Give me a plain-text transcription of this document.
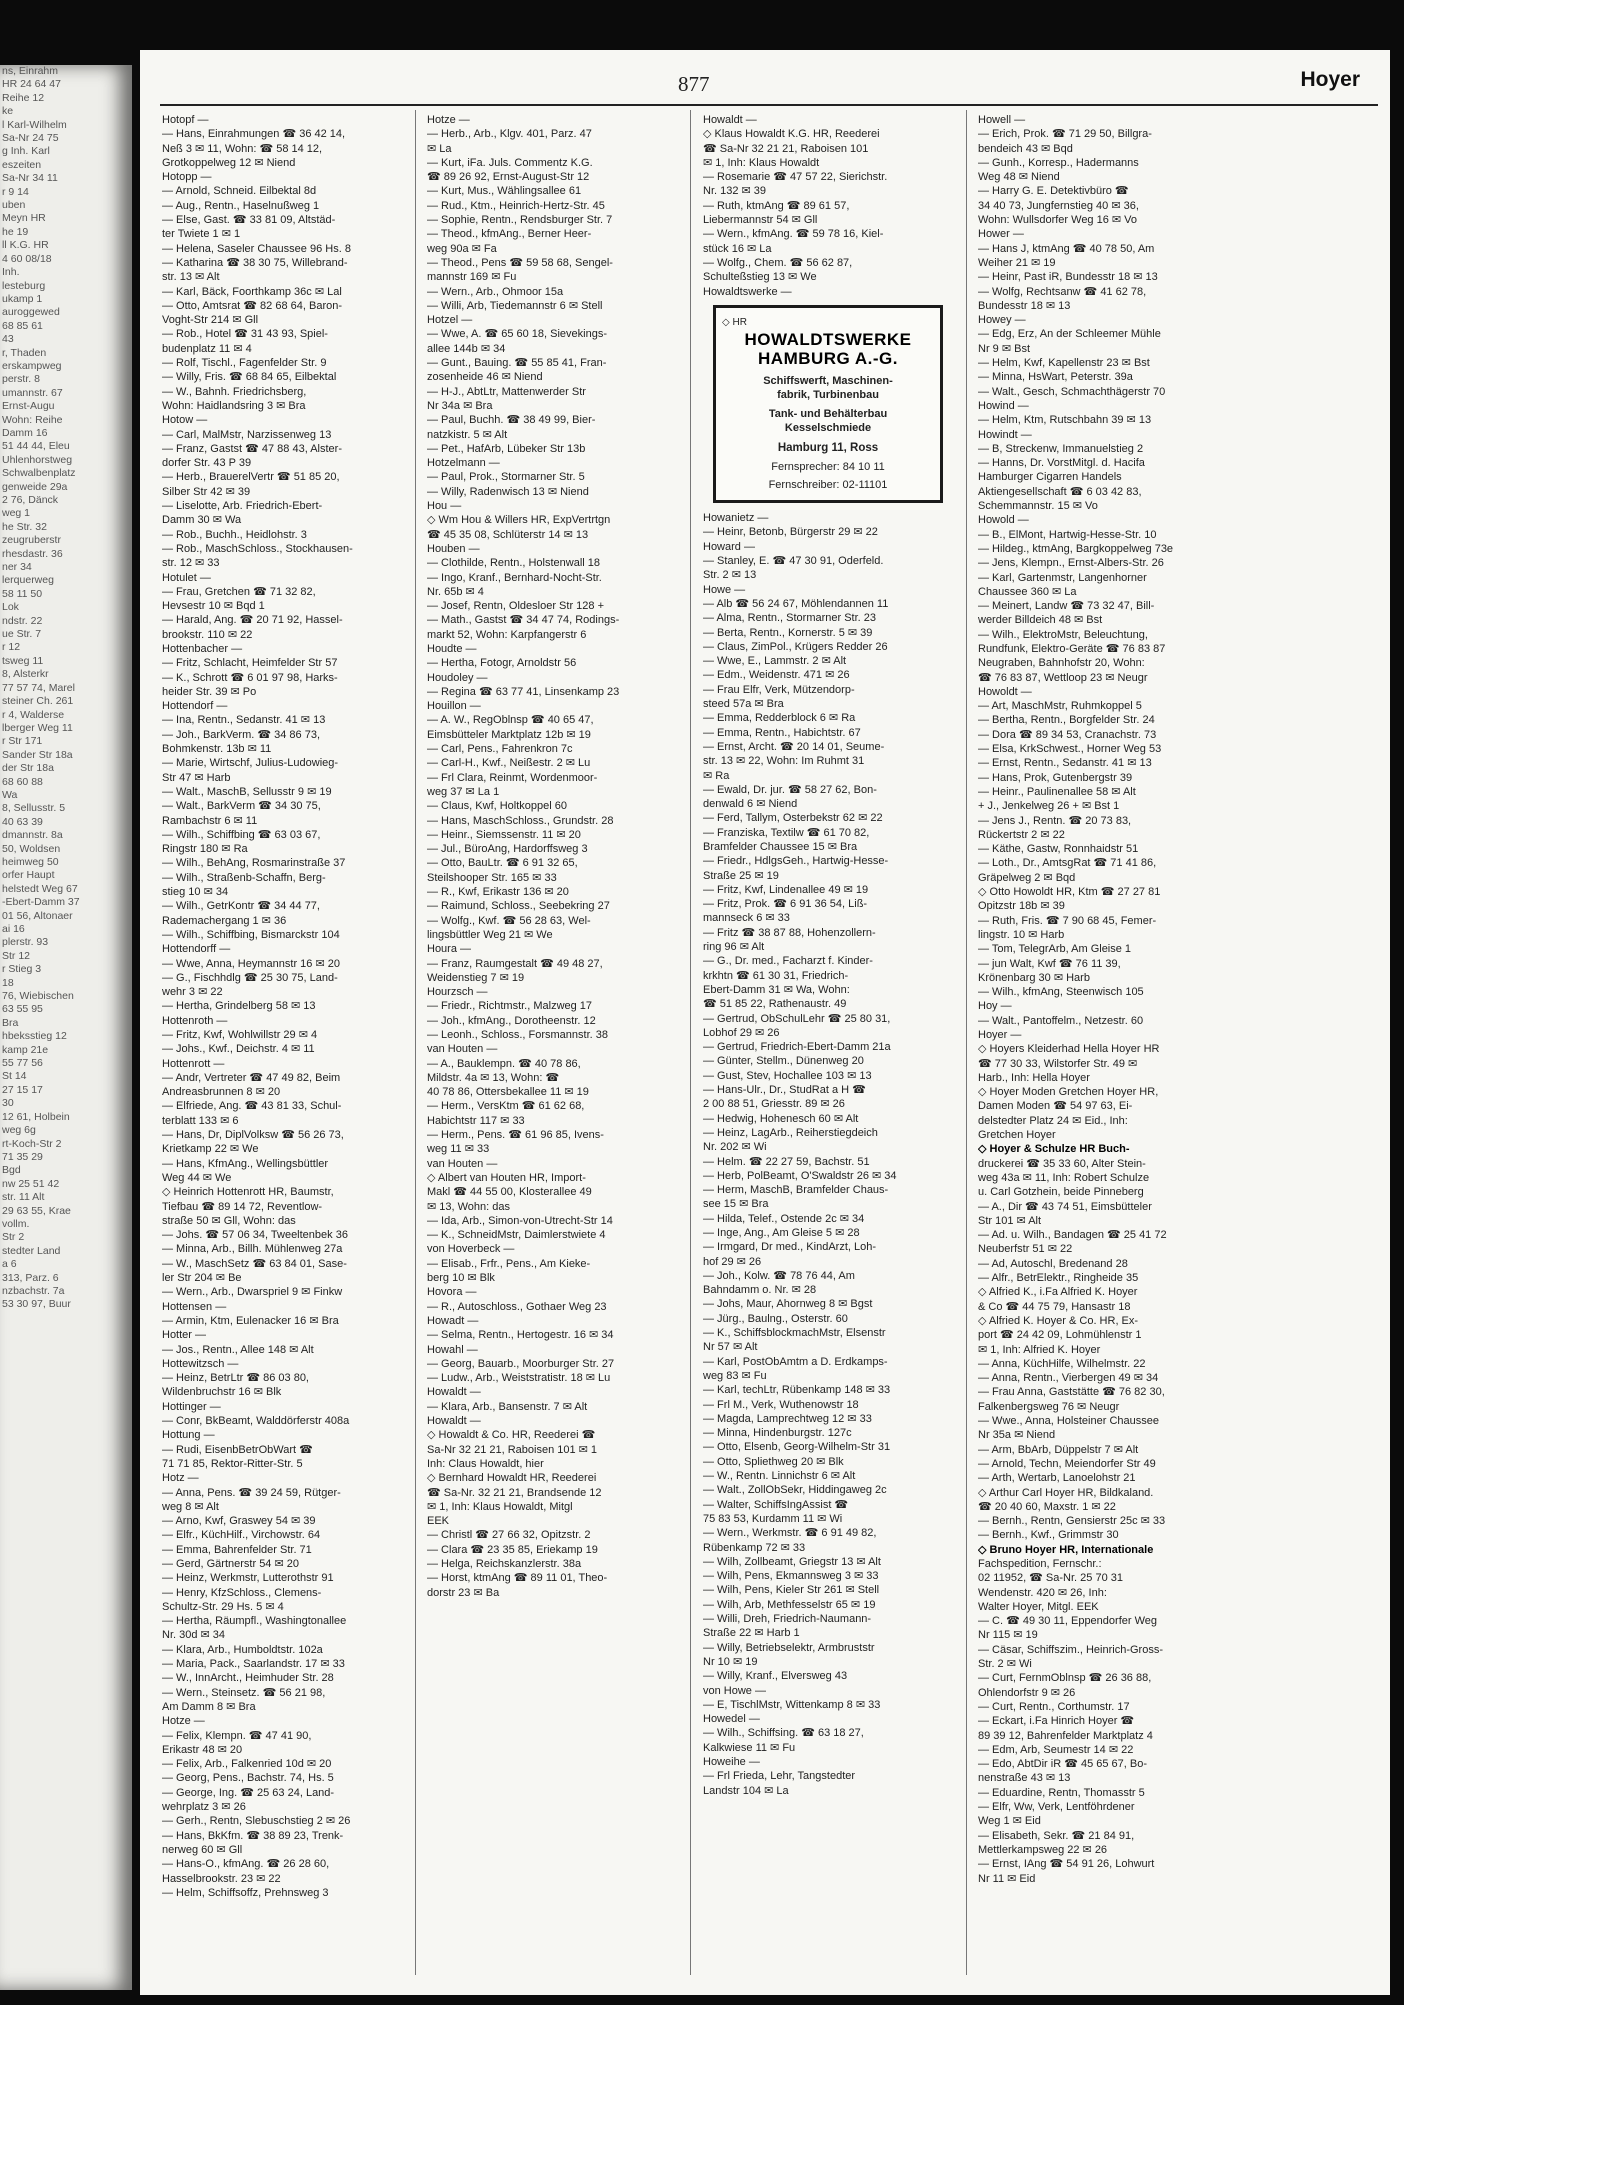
ns, Einrahm
HR 24 64 47
Reihe 12
ke
l Karl-Wilhelm
Sa-Nr 24 75
g Inh. Karl
eszeiten
Sa-Nr 34 11
r 9 14
uben
Meyn HR
he 19
ll K.G. HR
4 60 08/18
Inh.
lesteburg
ukamp 1
auroggewed
68 85 61
43
r, Thaden
erskampweg
perstr. 8
umannstr. 67
Ernst-Augu
Wohn: Reihe
Damm 16
51 44 44, Eleu
Uhlenhorstweg
Schwalbenplatz
genweide 29a
2 76, Dänck
weg 1
he Str. 32
zeugruberstr
rhesdastr. 36
ner 34
lerquerweg
58 11 50
Lok
ndstr. 22
ue Str. 7
r 12
tsweg 11
8, Alsterkr
77 57 74, Marel
steiner Ch. 261
r 4, Walderse
lberger Weg 11
r Str 171
Sander Str 18a
der Str 18a
68 60 88
Wa
8, Sellusstr. 5
40 63 39
dmannstr. 8a
50, Woldsen
heimweg 50
orfer Haupt
helstedt Weg 67
-Ebert-Damm 37
01 56, Altonaer
ai 16
plerstr. 93
Str 12
r Stieg 3
18
76, Wiebischen
63 55 95
Bra
hbeksstieg 12
kamp 21e
55 77 56
St 14
27 15 17
30
12 61, Holbein
weg 6g
rt-Koch-Str 2
71 35 29
Bgd
nw 25 51 42
str. 11 Alt
29 63 55, Krae
vollm.
Str 2
stedter Land
a 6
313, Parz. 6
nzbachstr. 7a
53 30 97, Buur
877	Hoyer

Hotopf —

— Hans, Einrahmungen ☎ 36 42 14,

Neß 3 ✉ 11, Wohn: ☎ 58 14 12,

Grotkoppelweg 12 ✉ Niend

Hotopp —

— Arnold, Schneid. Eilbektal 8d

— Aug., Rentn., Haselnußweg 1

— Else, Gast. ☎ 33 81 09, Altstäd-

ter Twiete 1 ✉ 1

— Helena, Saseler Chaussee 96 Hs. 8

— Katharina ☎ 38 30 75, Willebrand-

str. 13 ✉ Alt

— Karl, Bäck, Foorthkamp 36c ✉ Lal

— Otto, Amtsrat ☎ 82 68 64, Baron-

Voght-Str 214 ✉ Gll

— Rob., Hotel ☎ 31 43 93, Spiel-

budenplatz 11 ✉ 4

— Rolf, Tischl., Fagenfelder Str. 9

— Willy, Fris. ☎ 68 84 65, Eilbektal

— W., Bahnh. Friedrichsberg,

Wohn: Haidlandsring 3 ✉ Bra

Hotow —

— Carl, MalMstr, Narzissenweg 13

— Franz, Gastst ☎ 47 88 43, Alster-

dorfer Str. 43 P 39

— Herb., BrauerelVertr ☎ 51 85 20,

Silber Str 42 ✉ 39

— Liselotte, Arb. Friedrich-Ebert-

Damm 30 ✉ Wa

— Rob., Buchh., Heidlohstr. 3

— Rob., MaschSchloss., Stockhausen-

str. 12 ✉ 33

Hotulet —

— Frau, Gretchen ☎ 71 32 82,

Hevsestr 10 ✉ Bqd 1

— Harald, Ang. ☎ 20 71 92, Hassel-

brookstr. 110 ✉ 22

Hottenbacher —

— Fritz, Schlacht, Heimfelder Str 57

— K., Schrott ☎ 6 01 97 98, Harks-

heider Str. 39 ✉ Po

Hottendorf —

— Ina, Rentn., Sedanstr. 41 ✉ 13

— Joh., BarkVerm. ☎ 34 86 73,

Bohmkenstr. 13b ✉ 11

— Marie, Wirtschf, Julius-Ludowieg-

Str 47 ✉ Harb

— Walt., MaschB, Sellusstr 9 ✉ 19

— Walt., BarkVerm ☎ 34 30 75,

Rambachstr 6 ✉ 11

— Wilh., Schiffbing ☎ 63 03 67,

Ringstr 180 ✉ Ra

— Wilh., BehAng, Rosmarinstraße 37

— Wilh., Straßenb-Schaffn, Berg-

stieg 10 ✉ 34

— Wilh., GetrKontr ☎ 34 44 77,

Rademachergang 1 ✉ 36

— Wilh., Schiffbing, Bismarckstr 104

Hottendorff —

— Wwe, Anna, Heymannstr 16 ✉ 20

— G., Fischhdlg ☎ 25 30 75, Land-

wehr 3 ✉ 22

— Hertha, Grindelberg 58 ✉ 13

Hottenroth —

— Fritz, Kwf, Wohlwillstr 29 ✉ 4

— Johs., Kwf., Deichstr. 4 ✉ 11

Hottenrott —

— Andr, Vertreter ☎ 47 49 82, Beim

Andreasbrunnen 8 ✉ 20

— Elfriede, Ang. ☎ 43 81 33, Schul-

terblatt 133 ✉ 6

— Hans, Dr, DiplVolksw ☎ 56 26 73,

Krietkamp 22 ✉ We

— Hans, KfmAng., Wellingsbüttler

Weg 44 ✉ We

◇ Heinrich Hottenrott HR, Baumstr,

Tiefbau ☎ 89 14 72, Reventlow-

straße 50 ✉ Gll, Wohn: das

— Johs. ☎ 57 06 34, Tweeltenbek 36

— Minna, Arb., Billh. Mühlenweg 27a

— W., MaschSetz ☎ 63 84 01, Sase-

ler Str 204 ✉ Be

— Wern., Arb., Dwarspriel 9 ✉ Finkw

Hottensen —

— Armin, Ktm, Eulenacker 16 ✉ Bra

Hotter —

— Jos., Rentn., Allee 148 ✉ Alt

Hottewitzsch —

— Heinz, BetrLtr ☎ 86 03 80,

Wildenbruchstr 16 ✉ Blk

Hottinger —

— Conr, BkBeamt, Walddörferstr 408a

Hottung —

— Rudi, EisenbBetrObWart ☎

71 71 85, Rektor-Ritter-Str. 5

Hotz —

— Anna, Pens. ☎ 39 24 59, Rütger-

weg 8 ✉ Alt

— Arno, Kwf, Graswey 54 ✉ 39

— Elfr., KüchHilf., Virchowstr. 64

— Emma, Bahrenfelder Str. 71

— Gerd, Gärtnerstr 54 ✉ 20

— Heinz, Werkmstr, Lutterothstr 91

— Henry, KfzSchloss., Clemens-

Schultz-Str. 29 Hs. 5 ✉ 4

— Hertha, Räumpfl., Washingtonallee

Nr. 30d ✉ 34

— Klara, Arb., Humboldtstr. 102a

— Maria, Pack., Saarlandstr. 17 ✉ 33

— W., InnArcht., Heimhuder Str. 28

— Wern., Steinsetz. ☎ 56 21 98,

Am Damm 8 ✉ Bra

Hotze —

— Felix, Klempn. ☎ 47 41 90,

Erikastr 48 ✉ 20

— Felix, Arb., Falkenried 10d ✉ 20

— Georg, Pens., Bachstr. 74, Hs. 5

— George, Ing. ☎ 25 63 24, Land-

wehrplatz 3 ✉ 26

— Gerh., Rentn, Slebuschstieg 2 ✉ 26

— Hans, BkKfm. ☎ 38 89 23, Trenk-

nerweg 60 ✉ Gll

— Hans-O., kfmAng. ☎ 26 28 60,

Hasselbrookstr. 23 ✉ 22

— Helm, Schiffsoffz, Prehnsweg 3

Hotze —

— Herb., Arb., Klgv. 401, Parz. 47

✉ La

— Kurt, iFa. Juls. Commentz K.G.

☎ 89 26 92, Ernst-August-Str 12

— Kurt, Mus., Wählingsallee 61

— Rud., Ktm., Heinrich-Hertz-Str. 45

— Sophie, Rentn., Rendsburger Str. 7

— Theod., kfmAng., Berner Heer-

weg 90a ✉ Fa

— Theod., Pens ☎ 59 58 68, Sengel-

mannstr 169 ✉ Fu

— Wern., Arb., Ohmoor 15a

— Willi, Arb, Tiedemannstr 6 ✉ Stell

Hotzel —

— Wwe, A. ☎ 65 60 18, Sievekings-

allee 144b ✉ 34

— Gunt., Bauing. ☎ 55 85 41, Fran-

zosenheide 46 ✉ Niend

— H-J., AbtLtr, Mattenwerder Str

Nr 34a ✉ Bra

— Paul, Buchh. ☎ 38 49 99, Bier-

natzkistr. 5 ✉ Alt

— Pet., HafArb, Lübeker Str 13b

Hotzelmann —

— Paul, Prok., Stormarner Str. 5

— Willy, Radenwisch 13 ✉ Niend

Hou —

◇ Wm Hou & Willers HR, ExpVertrtgn

☎ 45 35 08, Schlüterstr 14 ✉ 13

Houben —

— Clothilde, Rentn., Holstenwall 18

— Ingo, Kranf., Bernhard-Nocht-Str.

Nr. 65b ✉ 4

— Josef, Rentn, Oldesloer Str 128 +

— Math., Gastst ☎ 34 47 74, Rodings-

markt 52, Wohn: Karpfangerstr 6

Houdte —

— Hertha, Fotogr, Arnoldstr 56

Houdoley —

— Regina ☎ 63 77 41, Linsenkamp 23

Houillon —

— A. W., RegOblnsp ☎ 40 65 47,

Eimsbütteler Marktplatz 12b ✉ 19

— Carl, Pens., Fahrenkron 7c

— Carl-H., Kwf., Neißestr. 2 ✉ Lu

— Frl Clara, Reinmt, Wordenmoor-

weg 37 ✉ La 1

— Claus, Kwf, Holtkoppel 60

— Hans, MaschSchloss., Grundstr. 28

— Heinr., Siemssenstr. 11 ✉ 20

— Jul., BüroAng, Hardorffsweg 3

— Otto, BauLtr. ☎ 6 91 32 65,

Steilshooper Str. 165 ✉ 33

— R., Kwf, Erikastr 136 ✉ 20

— Raimund, Schloss., Seebekring 27

— Wolfg., Kwf. ☎ 56 28 63, Wel-

lingsbüttler Weg 21 ✉ We

Houra —

— Franz, Raumgestalt ☎ 49 48 27,

Weidenstieg 7 ✉ 19

Hourzsch —

— Friedr., Richtmstr., Malzweg 17

— Joh., kfmAng., Dorotheenstr. 12

— Leonh., Schloss., Forsmannstr. 38

van Houten —

— A., Bauklempn. ☎ 40 78 86,

Mildstr. 4a ✉ 13, Wohn: ☎

40 78 86, Ottersbekallee 11 ✉ 19

— Herm., VersKtm ☎ 61 62 68,

Habichtstr 117 ✉ 33

— Herm., Pens. ☎ 61 96 85, Ivens-

weg 11 ✉ 33

van Houten —

◇ Albert van Houten HR, Import-

Makl ☎ 44 55 00, Klosterallee 49

✉ 13, Wohn: das

— Ida, Arb., Simon-von-Utrecht-Str 14

— K., SchneidMstr, Daimlerstwiete 4

von Hoverbeck —

— Elisab., Frfr., Pens., Am Kieke-

berg 10 ✉ Blk

Hovora —

— R., Autoschloss., Gothaer Weg 23

Howadt —

— Selma, Rentn., Hertogestr. 16 ✉ 34

Howahl —

— Georg, Bauarb., Moorburger Str. 27

— Ludw., Arb., Weiststratistr. 18 ✉ Lu

Howaldt —

— Klara, Arb., Bansenstr. 7 ✉ Alt

Howaldt —

◇ Howaldt & Co. HR, Reederei ☎

Sa-Nr 32 21 21, Raboisen 101 ✉ 1

Inh: Claus Howaldt, hier

◇ Bernhard Howaldt HR, Reederei

☎ Sa-Nr. 32 21 21, Brandsende 12

✉ 1, Inh: Klaus Howaldt, Mitgl

EEK

— Christl ☎ 27 66 32, Opitzstr. 2

— Clara ☎ 23 35 85, Eriekamp 19

— Helga, Reichskanzlerstr. 38a

— Horst, ktmAng ☎ 89 11 01, Theo-

dorstr 23 ✉ Ba

Howaldt —

◇ Klaus Howaldt K.G. HR, Reederei

☎ Sa-Nr 32 21 21, Raboisen 101

✉ 1, Inh: Klaus Howaldt

— Rosemarie ☎ 47 57 22, Sierichstr.

Nr. 132 ✉ 39

— Ruth, ktmAng ☎ 89 61 57,

Liebermannstr 54 ✉ Gll

— Wern., kfmAng. ☎ 59 78 16, Kiel-

stück 16 ✉ La

— Wolfg., Chem. ☎ 56 62 87,

Schulteßstieg 13 ✉ We

Howaldtswerke —

◇ HR
HOWALDTSWERKE
HAMBURG A.-G.
Schiffswerft, Maschinen-
fabrik, Turbinenbau
Tank- und Behälterbau
Kesselschmiede
Hamburg 11, Ross
Fernsprecher: 84 10 11
Fernschreiber: 02-11101

Howanietz —

— Heinr, Betonb, Bürgerstr 29 ✉ 22

Howard —

— Stanley, E. ☎ 47 30 91, Oderfeld.

Str. 2 ✉ 13

Howe —

— Alb ☎ 56 24 67, Möhlendannen 11

— Alma, Rentn., Stormarner Str. 23

— Berta, Rentn., Kornerstr. 5 ✉ 39

— Claus, ZimPol., Krügers Redder 26

— Wwe, E., Lammstr. 2 ✉ Alt

— Edm., Weidenstr. 471 ✉ 26

— Frau Elfr, Verk, Mützendorp-

steed 57a ✉ Bra

— Emma, Redderblock 6 ✉ Ra

— Emma, Rentn., Habichtstr. 67

— Ernst, Archt. ☎ 20 14 01, Seume-

str. 13 ✉ 22, Wohn: Im Ruhmt 31

✉ Ra

— Ewald, Dr. jur. ☎ 58 27 62, Bon-

denwald 6 ✉ Niend

— Ferd, Tallym, Osterbekstr 62 ✉ 22

— Franziska, Textilw ☎ 61 70 82,

Bramfelder Chaussee 15 ✉ Bra

— Friedr., HdlgsGeh., Hartwig-Hesse-

Straße 25 ✉ 19

— Fritz, Kwf, Lindenallee 49 ✉ 19

— Fritz, Prok. ☎ 6 91 36 54, Liß-

mannseck 6 ✉ 33

— Fritz ☎ 38 87 88, Hohenzollern-

ring 96 ✉ Alt

— G., Dr. med., Facharzt f. Kinder-

krkhtn ☎ 61 30 31, Friedrich-

Ebert-Damm 31 ✉ Wa, Wohn:

☎ 51 85 22, Rathenaustr. 49

— Gertrud, ObSchulLehr ☎ 25 80 31,

Lobhof 29 ✉ 26

— Gertrud, Friedrich-Ebert-Damm 21a

— Günter, Stellm., Dünenweg 20

— Gust, Stev, Hochallee 103 ✉ 13

— Hans-Ulr., Dr., StudRat a H ☎

2 00 88 51, Griesstr. 89 ✉ 26

— Hedwig, Hohenesch 60 ✉ Alt

— Heinz, LagArb., Reiherstiegdeich

Nr. 202 ✉ Wi

— Helm. ☎ 22 27 59, Bachstr. 51

— Herb, PolBeamt, O'Swaldstr 26 ✉ 34

— Herm, MaschB, Bramfelder Chaus-

see 15 ✉ Bra

— Hilda, Telef., Ostende 2c ✉ 34

— Inge, Ang., Am Gleise 5 ✉ 28

— Irmgard, Dr med., KindArzt, Loh-

hof 29 ✉ 26

— Joh., Kolw. ☎ 78 76 44, Am

Bahndamm o. Nr. ✉ 28

— Johs, Maur, Ahornweg 8 ✉ Bgst

— Jürg., Baulng., Osterstr. 60

— K., SchiffsblockmachMstr, Elsenstr

Nr 57 ✉ Alt

— Karl, PostObAmtm a D. Erdkamps-

weg 83 ✉ Fu

— Karl, techLtr, Rübenkamp 148 ✉ 33

— Frl M., Verk, Wuthenowstr 18

— Magda, Lamprechtweg 12 ✉ 33

— Minna, Hindenburgstr. 127c

— Otto, Elsenb, Georg-Wilhelm-Str 31

— Otto, Spliethweg 20 ✉ Blk

— W., Rentn. Linnichstr 6 ✉ Alt

— Walt., ZollObSekr, Hiddingaweg 2c

— Walter, SchiffsIngAssist ☎

75 83 53, Kurdamm 11 ✉ Wi

— Wern., Werkmstr. ☎ 6 91 49 82,

Rübenkamp 72 ✉ 33

— Wilh, Zollbeamt, Griegstr 13 ✉ Alt

— Wilh, Pens, Ekmannsweg 3 ✉ 33

— Wilh, Pens, Kieler Str 261 ✉ Stell

— Wilh, Arb, Methfesselstr 65 ✉ 19

— Willi, Dreh, Friedrich-Naumann-

Straße 22 ✉ Harb 1

— Willy, Betriebselektr, Armbruststr

Nr 10 ✉ 19

— Willy, Kranf., Elversweg 43

von Howe —

— E, TischlMstr, Wittenkamp 8 ✉ 33

Howedel —

— Wilh., Schiffsing. ☎ 63 18 27,

Kalkwiese 11 ✉ Fu

Howeihe —

— Frl Frieda, Lehr, Tangstedter

Landstr 104 ✉ La

Howell —

— Erich, Prok. ☎ 71 29 50, Billgra-

bendeich 43 ✉ Bqd

— Gunh., Korresp., Hadermanns

Weg 48 ✉ Niend

— Harry G. E. Detektivbüro ☎

34 40 73, Jungfernstieg 40 ✉ 36,

Wohn: Wullsdorfer Weg 16 ✉ Vo

Hower —

— Hans J, ktmAng ☎ 40 78 50, Am

Weiher 21 ✉ 19

— Heinr, Past iR, Bundesstr 18 ✉ 13

— Wolfg, Rechtsanw ☎ 41 62 78,

Bundesstr 18 ✉ 13

Howey —

— Edg, Erz, An der Schleemer Mühle

Nr 9 ✉ Bst

— Helm, Kwf, Kapellenstr 23 ✉ Bst

— Minna, HsWart, Peterstr. 39a

— Walt., Gesch, Schmachthägerstr 70

Howind —

— Helm, Ktm, Rutschbahn 39 ✉ 13

Howindt —

— B, Streckenw, Immanuelstieg 2

— Hanns, Dr. VorstMitgl. d. Hacifa

Hamburger Cigarren Handels

Aktiengesellschaft ☎ 6 03 42 83,

Schemmannstr. 15 ✉ Vo

Howold —

— B., ElMont, Hartwig-Hesse-Str. 10

— Hildeg., ktmAng, Bargkoppelweg 73e

— Jens, Klempn., Ernst-Albers-Str. 26

— Karl, Gartenmstr, Langenhorner

Chaussee 360 ✉ La

— Meinert, Landw ☎ 73 32 47, Bill-

werder Billdeich 48 ✉ Bst

— Wilh., ElektroMstr, Beleuchtung,

Rundfunk, Elektro-Geräte ☎ 76 83 87

Neugraben, Bahnhofstr 20, Wohn:

☎ 76 83 87, Wettloop 23 ✉ Neugr

Howoldt —

— Art, MaschMstr, Ruhmkoppel 5

— Bertha, Rentn., Borgfelder Str. 24

— Dora ☎ 89 34 53, Cranachstr. 73

— Elsa, KrkSchwest., Horner Weg 53

— Ernst, Rentn., Sedanstr. 41 ✉ 13

— Hans, Prok, Gutenbergstr 39

— Heinr., Paulinenallee 58 ✉ Alt

+ J., Jenkelweg 26 + ✉ Bst 1

— Jens J., Rentn. ☎ 20 73 83,

Rückertstr 2 ✉ 22

— Käthe, Gastw, Ronnhaidstr 51

— Loth., Dr., AmtsgRat ☎ 71 41 86,

Gräpelweg 2 ✉ Bqd

◇ Otto Howoldt HR, Ktm ☎ 27 27 81

Opitzstr 18b ✉ 39

— Ruth, Fris. ☎ 7 90 68 45, Femer-

lingstr. 10 ✉ Harb

— Tom, TelegrArb, Am Gleise 1

— jun Walt, Kwf ☎ 76 11 39,

Krönenbarg 30 ✉ Harb

— Wilh., kfmAng, Steenwisch 105

Hoy —

— Walt., Pantoffelm., Netzestr. 60

Hoyer —

◇ Hoyers Kleiderhad Hella Hoyer HR

☎ 77 30 33, Wilstorfer Str. 49 ✉

Harb., Inh: Hella Hoyer

◇ Hoyer Moden Gretchen Hoyer HR,

Damen Moden ☎ 54 97 63, Ei-

delstedter Platz 24 ✉ Eid., Inh:

Gretchen Hoyer

◇ Hoyer & Schulze HR Buch-

druckerei ☎ 35 33 60, Alter Stein-

weg 43a ✉ 11, Inh: Robert Schulze

u. Carl Gotzhein, beide Pinneberg

— A., Dir ☎ 43 74 51, Eimsbütteler

Str 101 ✉ Alt

— Ad. u. Wilh., Bandagen ☎ 25 41 72

Neuberfstr 51 ✉ 22

— Ad, Autoschl, Bredenand 28

— Alfr., BetrElektr., Ringheide 35

◇ Alfried K., i.Fa Alfried K. Hoyer

& Co ☎ 44 75 79, Hansastr 18

◇ Alfried K. Hoyer & Co. HR, Ex-

port ☎ 24 42 09, Lohmühlenstr 1

✉ 1, Inh: Alfried K. Hoyer

— Anna, KüchHilfe, Wilhelmstr. 22

— Anna, Rentn., Vierbergen 49 ✉ 34

— Frau Anna, Gaststätte ☎ 76 82 30,

Falkenbergsweg 76 ✉ Neugr

— Wwe., Anna, Holsteiner Chaussee

Nr 35a ✉ Niend

— Arm, BbArb, Düppelstr 7 ✉ Alt

— Arnold, Techn, Meiendorfer Str 49

— Arth, Wertarb, Lanoelohstr 21

◇ Arthur Carl Hoyer HR, Bildkaland.

☎ 20 40 60, Maxstr. 1 ✉ 22

— Bernh., Rentn, Gensierstr 25c ✉ 33

— Bernh., Kwf., Grimmstr 30

◇ Bruno Hoyer HR, Internationale

Fachspedition, Fernschr.:

02 11952, ☎ Sa-Nr. 25 70 31

Wendenstr. 420 ✉ 26, Inh:

Walter Hoyer, Mitgl. EEK

— C. ☎ 49 30 11, Eppendorfer Weg

Nr 115 ✉ 19

— Cäsar, Schiffszim., Heinrich-Gross-

Str. 2 ✉ Wi

— Curt, FernmOblnsp ☎ 26 36 88,

Ohlendorfstr 9 ✉ 26

— Curt, Rentn., Corthumstr. 17

— Eckart, i.Fa Hinrich Hoyer ☎

89 39 12, Bahrenfelder Marktplatz 4

— Edm, Arb, Seumestr 14 ✉ 22

— Edo, AbtDir iR ☎ 45 65 67, Bo-

nenstraße 43 ✉ 13

— Eduardine, Rentn, Thomasstr 5

— Elfr, Ww, Verk, Lentföhrdener

Weg 1 ✉ Eid

— Elisabeth, Sekr. ☎ 21 84 91,

Mettlerkampsweg 22 ✉ 26

— Ernst, IAng ☎ 54 91 26, Lohwurt

Nr 11 ✉ Eid
